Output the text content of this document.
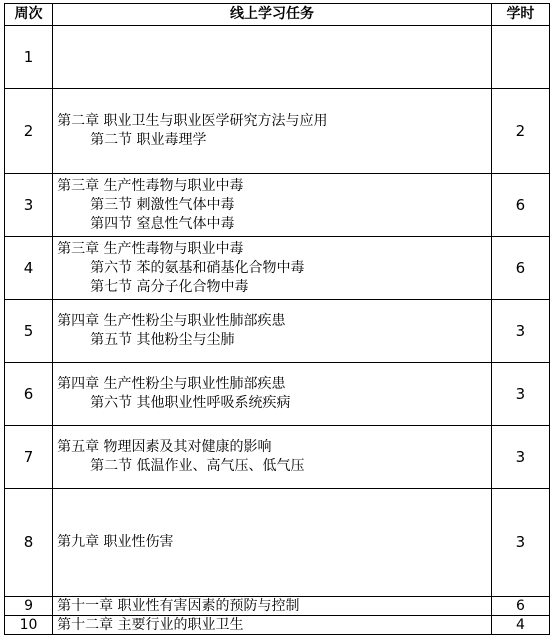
周次	线上学习任务	学时
1		
2	第二章 职业卫生与职业医学研究方法与应用
第二节 职业毒理学	2
3	第三章 生产性毒物与职业中毒
第三节 刺激性气体中毒
第四节 窒息性气体中毒	6
4	第三章 生产性毒物与职业中毒
第六节 苯的氨基和硝基化合物中毒
第七节 高分子化合物中毒	6
5	第四章 生产性粉尘与职业性肺部疾患
第五节 其他粉尘与尘肺	3
6	第四章 生产性粉尘与职业性肺部疾患
第六节 其他职业性呼吸系统疾病	3
7	第五章 物理因素及其对健康的影响
第二节 低温作业、高气压、低气压	3
8	第九章 职业性伤害	3
9	第十一章 职业性有害因素的预防与控制	6
10	第十二章 主要行业的职业卫生	4
